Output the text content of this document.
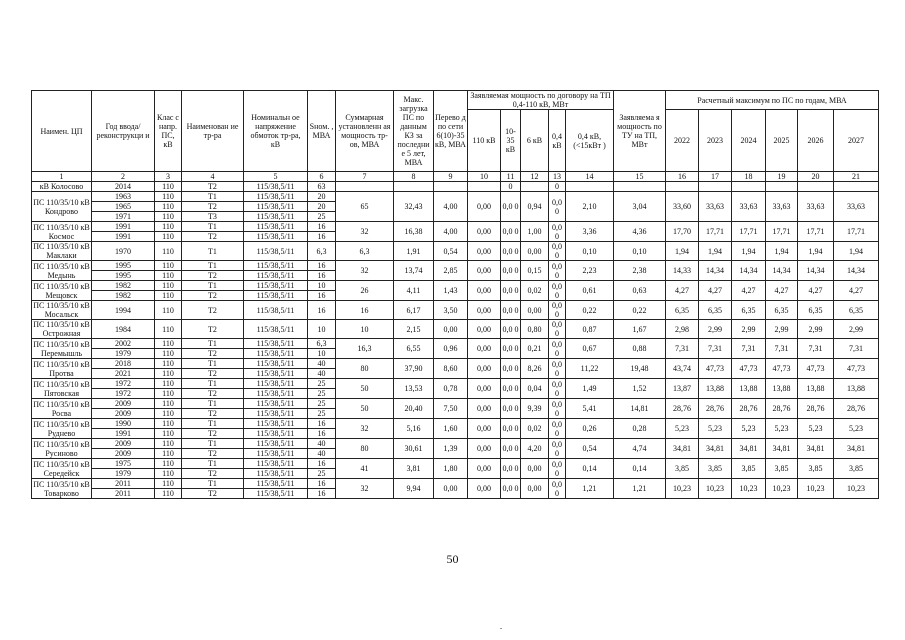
Наимен. ЦП	Год ввода/ реконструкци и	Клас с напр. ПС, кВ	Наименован ие тр-ра	Номинальн ое напряжение обмоток тр-ра, кВ	Sном. , МВА	Суммарная установленн ая мощность тр-ов, МВА	Макс. загрузка ПС по данным КЗ за последни е 5 лет, МВА	Перево д по сети 6(10)-35 кВ, МВА	Заявляемая мощность по договору на ТП 0,4-110 кВ, МВт					Заявляема я мощность по ТУ на ТП, МВт	Расчетный максимум по ПС по годам, МВА					
									110 кВ	10-35 кВ	6 кВ	0,4 кВ	0,4 кВ, (<15кВт )		2022	2023	2024	2025	2026	2027
1	2	3	4	5	6	7	8	9	10	11	12	13	14	15	16	17	18	19	20	21
кВ Колосово	2014	110	Т2	115/38,5/11	63					0		0								
ПС 110/35/10 кВ Кондрово	1963	110	Т1	115/38,5/11	20	65	32,43	4,00	0,00	0,0 0	0,94	0,0 0	2,10	3,04	33,60	33,63	33,63	33,63	33,63	33,63
	1965	110	Т2	115/38,5/11	20															
	1971	110	Т3	115/38,5/11	25															
ПС 110/35/10 кВ Космос	1991	110	Т1	115/38,5/11	16	32	16,38	4,00	0,00	0,0 0	1,00	0,0 0	3,36	4,36	17,70	17,71	17,71	17,71	17,71	17,71
	1991	110	Т2	115/38,5/11	16															
ПС 110/35/10 кВ Маклаки	1970	110	Т1	115/38,5/11	6,3	6,3	1,91	0,54	0,00	0,0 0	0,00	0,0 0	0,10	0,10	1,94	1,94	1,94	1,94	1,94	1,94
ПС 110/35/10 кВ Медынь	1995	110	Т1	115/38,5/11	16	32	13,74	2,85	0,00	0,0 0	0,15	0,0 0	2,23	2,38	14,33	14,34	14,34	14,34	14,34	14,34
	1995	110	Т2	115/38,5/11	16															
ПС 110/35/10 кВ Мещовск	1982	110	Т1	115/38,5/11	10	26	4,11	1,43	0,00	0,0 0	0,02	0,0 0	0,61	0,63	4,27	4,27	4,27	4,27	4,27	4,27
	1982	110	Т2	115/38,5/11	16															
ПС 110/35/10 кВ Мосальск	1994	110	Т2	115/38,5/11	16	16	6,17	3,50	0,00	0,0 0	0,00	0,0 0	0,22	0,22	6,35	6,35	6,35	6,35	6,35	6,35
ПС 110/35/10 кВ Острожная	1984	110	Т2	115/38,5/11	10	10	2,15	0,00	0,00	0,0 0	0,80	0,0 0	0,87	1,67	2,98	2,99	2,99	2,99	2,99	2,99
ПС 110/35/10 кВ Перемышль	2002	110	Т1	115/38,5/11	6,3	16,3	6,55	0,96	0,00	0,0 0	0,21	0,0 0	0,67	0,88	7,31	7,31	7,31	7,31	7,31	7,31
	1979	110	Т2	115/38,5/11	10															
ПС 110/35/10 кВ Протва	2018	110	Т1	115/38,5/11	40	80	37,90	8,60	0,00	0,0 0	8,26	0,0 0	11,22	19,48	43,74	47,73	47,73	47,73	47,73	47,73
	2021	110	Т2	115/38,5/11	40															
ПС 110/35/10 кВ Пятовская	1972	110	Т1	115/38,5/11	25	50	13,53	0,78	0,00	0,0 0	0,04	0,0 0	1,49	1,52	13,87	13,88	13,88	13,88	13,88	13,88
	1972	110	Т2	115/38,5/11	25															
ПС 110/35/10 кВ Росва	2009	110	Т1	115/38,5/11	25	50	20,40	7,50	0,00	0,0 0	9,39	0,0 0	5,41	14,81	28,76	28,76	28,76	28,76	28,76	28,76
	2009	110	Т2	115/38,5/11	25															
ПС 110/35/10 кВ Руднево	1990	110	Т1	115/38,5/11	16	32	5,16	1,60	0,00	0,0 0	0,02	0,0 0	0,26	0,28	5,23	5,23	5,23	5,23	5,23	5,23
	1991	110	Т2	115/38,5/11	16															
ПС 110/35/10 кВ Русиново	2009	110	Т1	115/38,5/11	40	80	30,61	1,39	0,00	0,0 0	4,20	0,0 0	0,54	4,74	34,81	34,81	34,81	34,81	34,81	34,81
	2009	110	Т2	115/38,5/11	40															
ПС 110/35/10 кВ Середейск	1975	110	Т1	115/38,5/11	16	41	3,81	1,80	0,00	0,0 0	0,00	0,0 0	0,14	0,14	3,85	3,85	3,85	3,85	3,85	3,85
	1979	110	Т2	115/38,5/11	25															
ПС 110/35/10 кВ Товарково	2011	110	Т1	115/38,5/11	16	32	9,94	0,00	0,00	0,0 0	0,00	0,0 0	1,21	1,21	10,23	10,23	10,23	10,23	10,23	10,23
	2011	110	Т2	115/38,5/11	16															
50
